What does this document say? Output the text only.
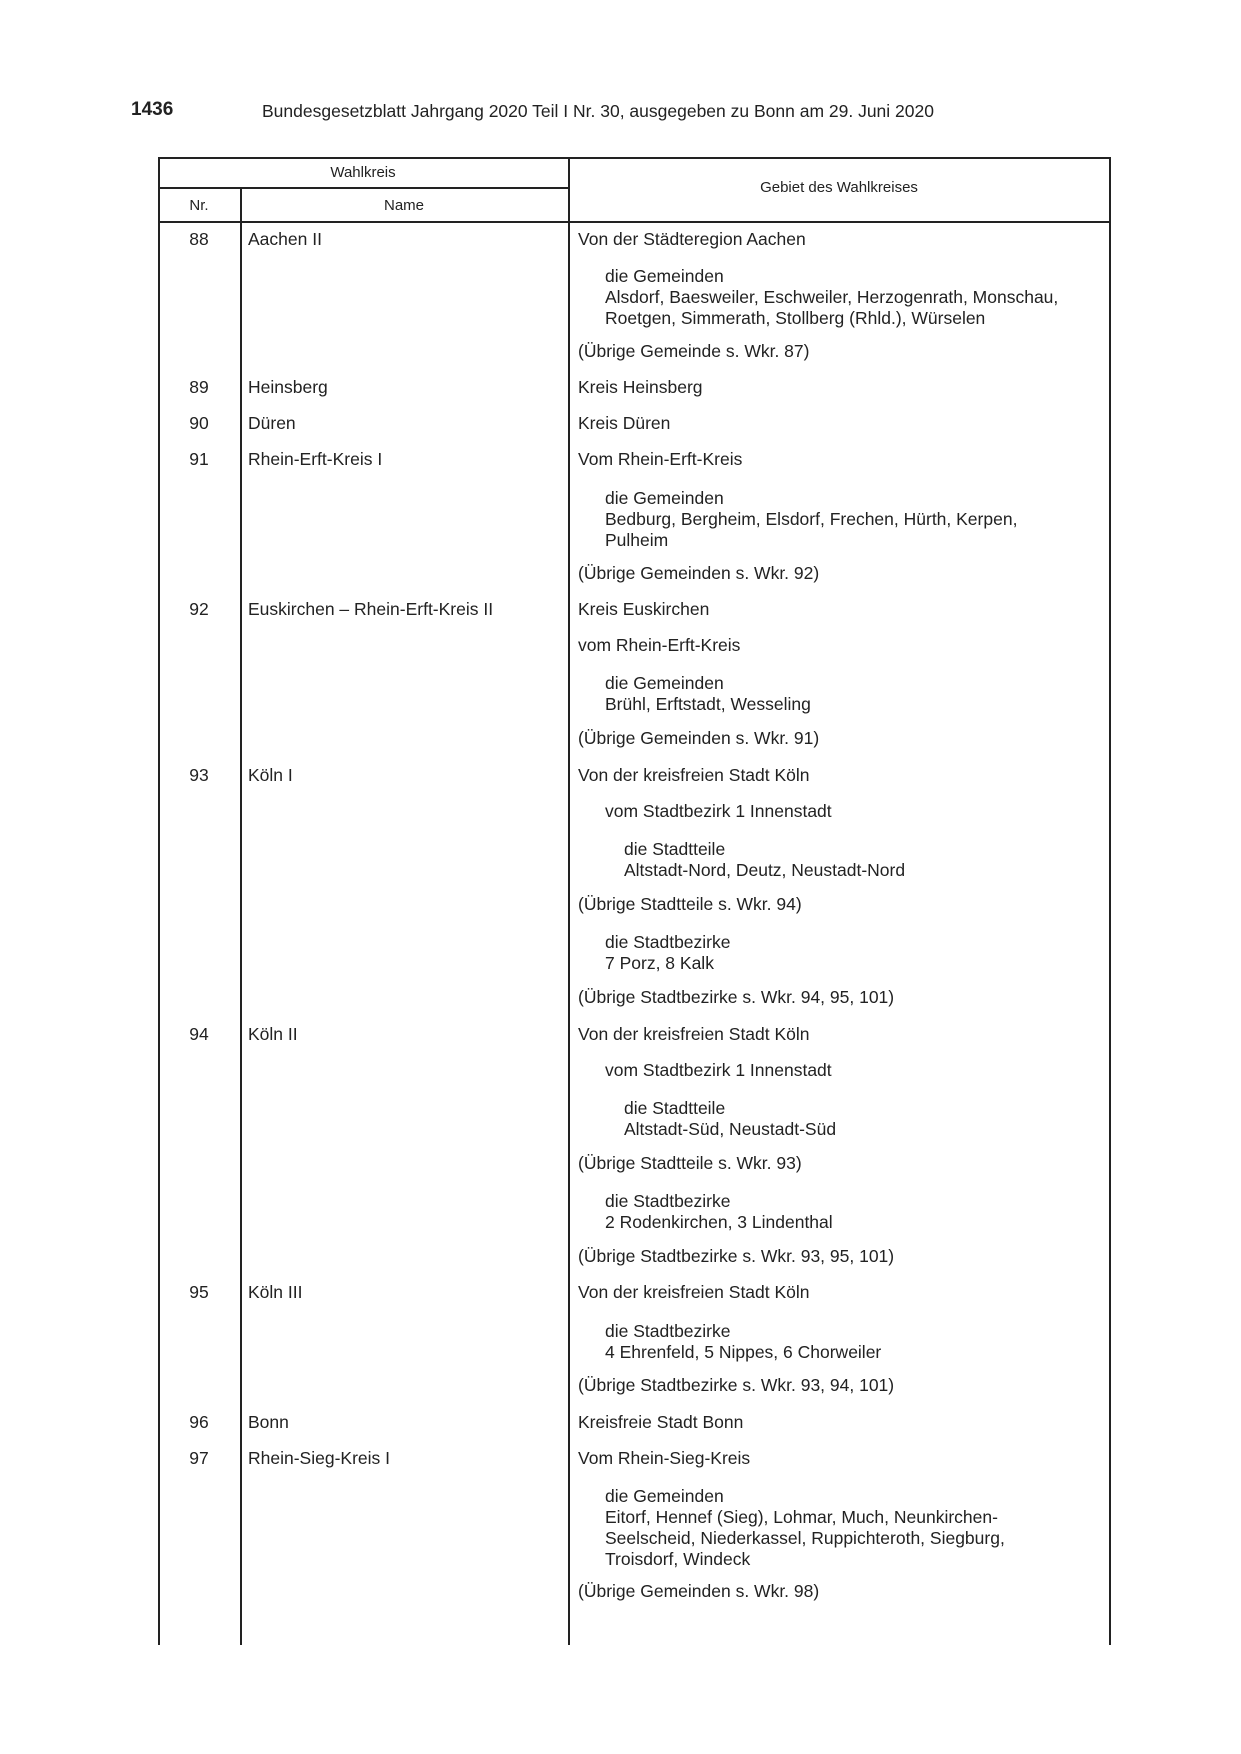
1436	Bundesgesetzblatt Jahrgang 2020 Teil I Nr. 30, ausgegeben zu Bonn am 29. Juni 2020
Wahlkreis
Nr.	Name
Gebiet des Wahlkreises
88	Aachen II	Von der Städteregion Aachen
die Gemeinden
Alsdorf, Baesweiler, Eschweiler, Herzogenrath, Monschau,
Roetgen, Simmerath, Stollberg (Rhld.), Würselen
(Übrige Gemeinde s. Wkr. 87)
89	Heinsberg	Kreis Heinsberg
90	Düren	Kreis Düren
91	Rhein-Erft-Kreis I	Vom Rhein-Erft-Kreis
die Gemeinden
Bedburg, Bergheim, Elsdorf, Frechen, Hürth, Kerpen,
Pulheim
(Übrige Gemeinden s. Wkr. 92)
92	Euskirchen – Rhein-Erft-Kreis II	Kreis Euskirchen
vom Rhein-Erft-Kreis
die Gemeinden
Brühl, Erftstadt, Wesseling
(Übrige Gemeinden s. Wkr. 91)
93	Köln I	Von der kreisfreien Stadt Köln
vom Stadtbezirk 1 Innenstadt
die Stadtteile
Altstadt-Nord, Deutz, Neustadt-Nord
(Übrige Stadtteile s. Wkr. 94)
die Stadtbezirke
7 Porz, 8 Kalk
(Übrige Stadtbezirke s. Wkr. 94, 95, 101)
94	Köln II	Von der kreisfreien Stadt Köln
vom Stadtbezirk 1 Innenstadt
die Stadtteile
Altstadt-Süd, Neustadt-Süd
(Übrige Stadtteile s. Wkr. 93)
die Stadtbezirke
2 Rodenkirchen, 3 Lindenthal
(Übrige Stadtbezirke s. Wkr. 93, 95, 101)
95	Köln III	Von der kreisfreien Stadt Köln
die Stadtbezirke
4 Ehrenfeld, 5 Nippes, 6 Chorweiler
(Übrige Stadtbezirke s. Wkr. 93, 94, 101)
96	Bonn	Kreisfreie Stadt Bonn
97	Rhein-Sieg-Kreis I	Vom Rhein-Sieg-Kreis
die Gemeinden
Eitorf, Hennef (Sieg), Lohmar, Much, Neunkirchen-
Seelscheid, Niederkassel, Ruppichteroth, Siegburg,
Troisdorf, Windeck
(Übrige Gemeinden s. Wkr. 98)
